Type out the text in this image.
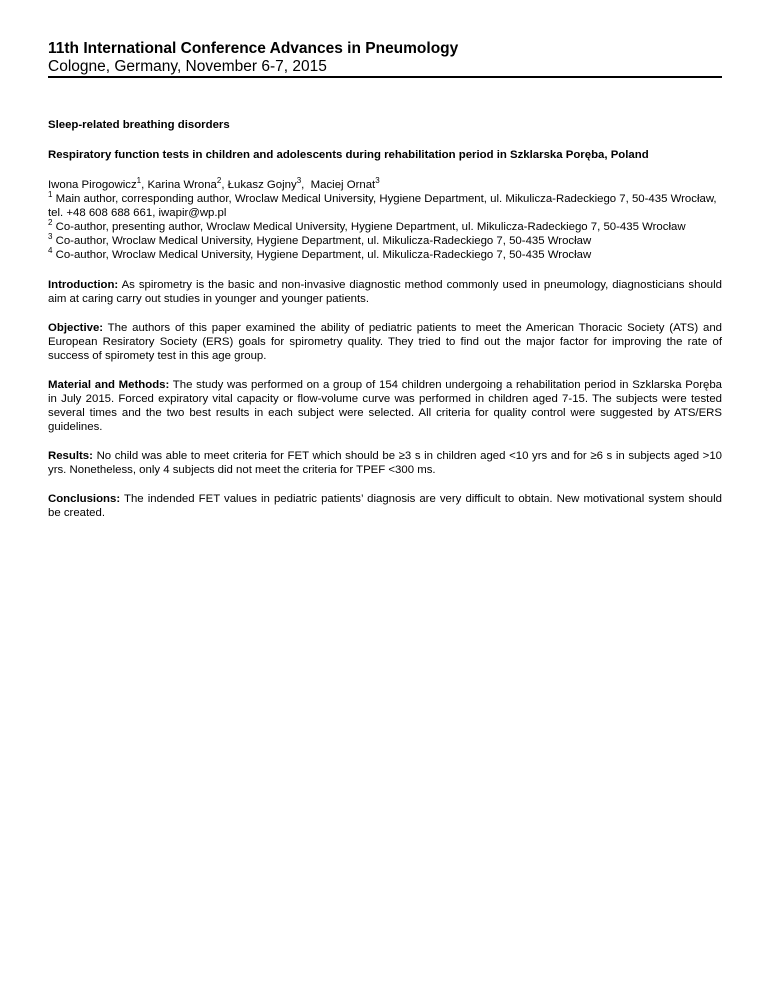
11th International Conference Advances in Pneumology
Cologne, Germany, November 6-7, 2015

Sleep-related breathing disorders

Respiratory function tests in children and adolescents during rehabilitation period in Szklarska Poręba, Poland

Iwona Pirogowicz$^1$, Karina Wrona$^2$, Łukasz Gojny$^3$,  Maciej Ornat$^3$

$^1$ Main author, corresponding author, Wroclaw Medical University, Hygiene Department, ul. Mikulicza-Radeckiego 7, 50-435 Wrocław, tel. +48 608 688 661, iwapir@wp.pl

$^2$ Co-author, presenting author, Wroclaw Medical University, Hygiene Department, ul. Mikulicza-Radeckiego 7, 50-435 Wrocław

$^3$ Co-author, Wroclaw Medical University, Hygiene Department, ul. Mikulicza-Radeckiego 7, 50-435 Wrocław

$^4$ Co-author, Wroclaw Medical University, Hygiene Department, ul. Mikulicza-Radeckiego 7, 50-435 Wrocław

Introduction: As spirometry is the basic and non-invasive diagnostic method commonly used in pneumology, diagnosticians should aim at caring carry out studies in younger and younger patients.

Objective: The authors of this paper examined the ability of pediatric patients to meet the American Thoracic Society (ATS) and European Resiratory Society (ERS) goals for spirometry quality. They tried to find out the major factor for improving the rate of success of spiromety test in this age group.

Material and Methods: The study was performed on a group of 154 children undergoing a rehabilitation period in Szklarska Poręba in July 2015. Forced expiratory vital capacity or flow-volume curve was performed in children aged 7-15. The subjects were tested several times and the two best results in each subject were selected. All criteria for quality control were suggested by ATS/ERS guidelines.

Results: No child was able to meet criteria for FET which should be ≥3 s in children aged <10 yrs and for ≥6 s in subjects aged >10 yrs. Nonetheless, only 4 subjects did not meet the criteria for TPEF <300 ms.

Conclusions: The indended FET values in pediatric patients’ diagnosis are very difficult to obtain. New motivational system should be created.
